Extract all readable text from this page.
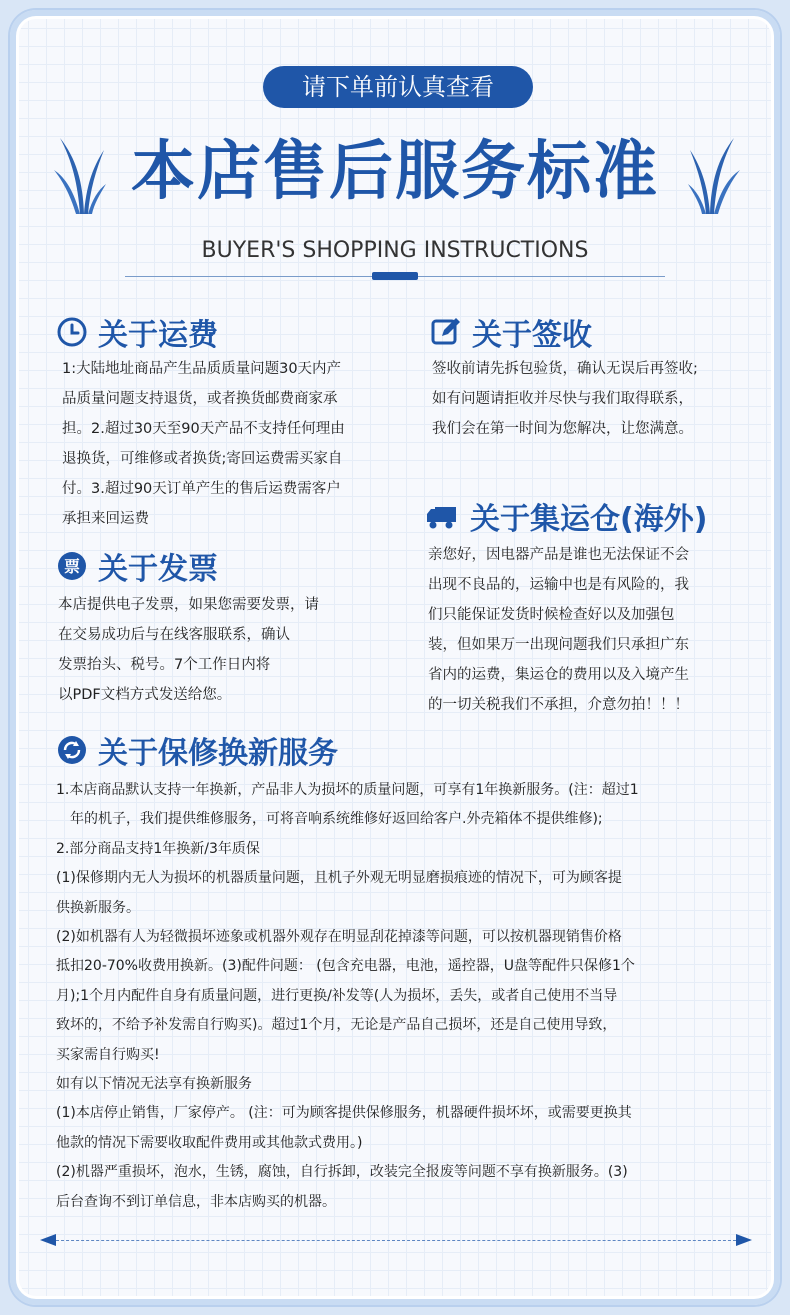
请下单前认真查看
本店售后服务标准
BUYER'S SHOPPING INSTRUCTIONS
关于运费

1:大陆地址商品产生品质质量问题30天内产

品质量问题支持退货，或者换货邮费商家承

担。2.超过30天至90天产品不支持任何理由

退换货，可维修或者换货;寄回运费需买家自

付。3.超过90天订单产生的售后运费需客户

承担来回运费

关于签收

签收前请先拆包验货，确认无误后再签收;

如有问题请拒收并尽快与我们取得联系，

我们会在第一时间为您解决，让您满意。

票 关于发票

本店提供电子发票，如果您需要发票，请

在交易成功后与在线客服联系，确认

发票抬头、税号。7个工作日内将

以PDF文档方式发送给您。

关于集运仓(海外)

亲您好，因电器产品是谁也无法保证不会

出现不良品的，运输中也是有风险的，我

们只能保证发货时候检查好以及加强包

装，但如果万一出现问题我们只承担广东

省内的运费，集运仓的费用以及入境产生

的一切关税我们不承担，介意勿拍！！！

关于保修换新服务

1.本店商品默认支持一年换新，产品非人为损坏的质量问题，可享有1年换新服务。(注：超过1

年的机子，我们提供维修服务，可将音响系统维修好返回给客户.外壳箱体不提供维修);

2.部分商品支持1年换新/3年质保

(1)保修期内无人为损坏的机器质量问题，且机子外观无明显磨损痕迹的情况下，可为顾客提

供换新服务。

(2)如机器有人为轻微损坏迹象或机器外观存在明显刮花掉漆等问题，可以按机器现销售价格

抵扣20-70%收费用换新。(3)配件问题： (包含充电器，电池，遥控器，U盘等配件只保修1个

月);1个月内配件自身有质量问题，进行更换/补发等(人为损坏，丢失，或者自己使用不当导

致坏的，不给予补发需自行购买)。超过1个月，无论是产品自己损坏，还是自己使用导致，

买家需自行购买!

如有以下情况无法享有换新服务

(1)本店停止销售，厂家停产。 (注：可为顾客提供保修服务，机器硬件损坏坏，或需要更换其

他款的情况下需要收取配件费用或其他款式费用。)

(2)机器严重损坏，泡水，生锈，腐蚀，自行拆卸，改装完全报废等问题不享有换新服务。(3)

后台查询不到订单信息，非本店购买的机器。
